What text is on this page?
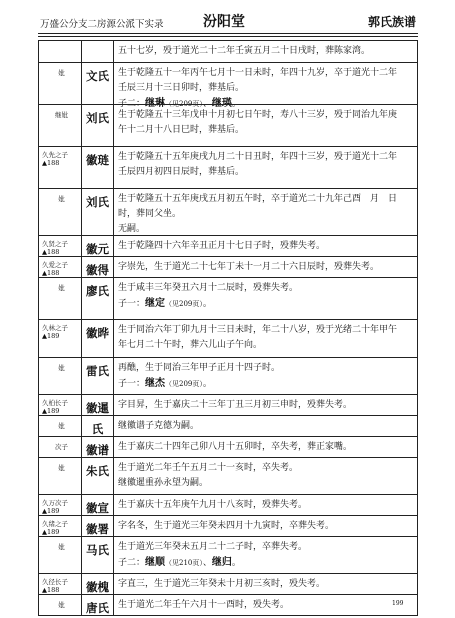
万盛公分支二房源公派下实录	汾阳堂	郭氏族谱
五十七岁，殁于道光二十二年壬寅五月二十日戌时，葬陈家湾。
妣	文氏	生于乾隆五十一年丙午七月十一日未时，年四十九岁，卒于道光十二年
壬辰三月十三日卯时，葬基后。
子二：继琳（见209页）、继瑛。
继妣	刘氏	生于乾隆五十三年戊申十月初七日午时，寿八十三岁，殁于同治九年庚
午十二月十八日巳时，葬基后。
久先之子
▲188	徽琏	生于乾隆五十五年庚戌九月二十日丑时，年四十三岁，殁于道光十二年
壬辰四月初四日辰时，葬基后。
妣	刘氏	生于乾隆五十五年庚戌五月初五午时，卒于道光二十九年己酉　月　日
时，葬同父坐。
无嗣。
久贤之子
▲188	徽元	生于乾隆四十六年辛丑正月十七日子时，殁葬失考。
久爱之子
▲188	徽得	字崇先，生于道光二十七年丁未十一月二十六日辰时，殁葬失考。
妣	廖氏	生于咸丰三年癸丑六月十二辰时，殁葬失考。
子一：继定（见209页）。
久林之子
▲189	徽晔	生于同治六年丁卯九月十三日未时，年二十八岁，殁于光绪二十年甲午
年七月二十午时，葬六儿山子午向。
妣	雷氏	再醮，生于同治三年甲子正月十四子时。
子一：继杰（见209页）。
久柏长子
▲189	徽暹	字目昇，生于嘉庆二十三年丁丑三月初三申时，殁葬失考。
妣	氏	继徽谱子克德为嗣。
次子	徽谱	生于嘉庆二十四年己卯八月十五卯时，卒失考，葬正家嘴。
妣	朱氏	生于道光二年壬午五月二十一亥时，卒失考。
继徽暹重孙永望为嗣。
久万次子
▲189	徽宣	生于嘉庆十五年庚午九月十八亥时，殁葬失考。
久绪之子
▲189	徽署	字名冬，生于道光三年癸未四月十九寅时，卒葬失考。
妣	马氏	生于道光三年癸未五月二十二子时，卒葬失考。
子二：继顺（见210页）、继归。
久径长子
▲188	徽槐	字直三，生于道光三年癸未十月初三亥时，殁失考。
妣	唐氏	生于道光二年壬午六月十一酉时，殁失考。	199
